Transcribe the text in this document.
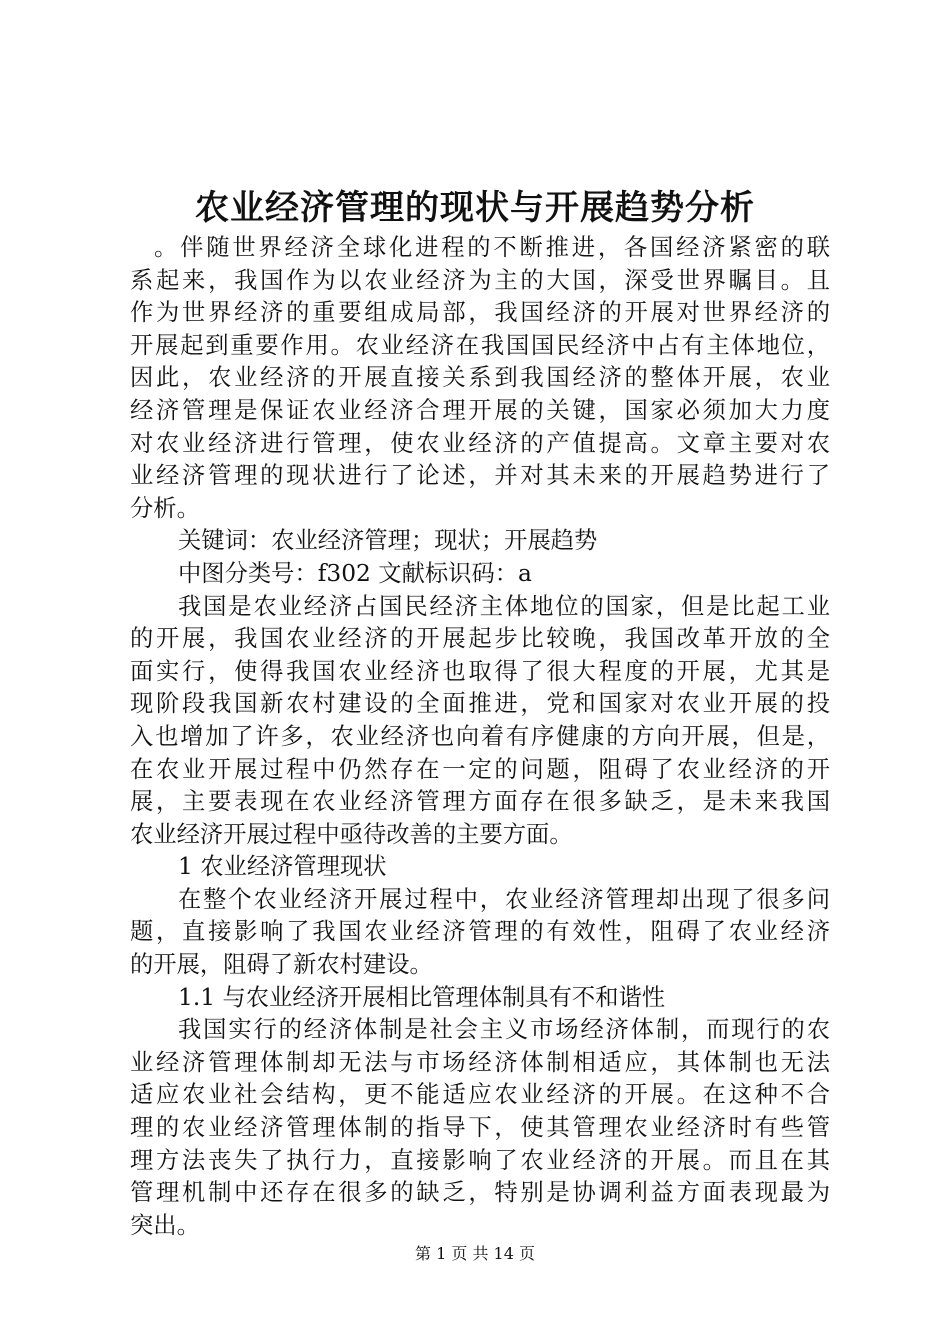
农业经济管理的现状与开展趋势分析
。伴随世界经济全球化进程的不断推进，各国经济紧密的联
系起来，我国作为以农业经济为主的大国，深受世界瞩目。且
作为世界经济的重要组成局部，我国经济的开展对世界经济的
开展起到重要作用。农业经济在我国国民经济中占有主体地位，
因此，农业经济的开展直接关系到我国经济的整体开展，农业
经济管理是保证农业经济合理开展的关键，国家必须加大力度
对农业经济进行管理，使农业经济的产值提高。文章主要对农
业经济管理的现状进行了论述，并对其未来的开展趋势进行了
分析。
关键词：农业经济管理；现状；开展趋势
中图分类号：f302 文献标识码：a
我国是农业经济占国民经济主体地位的国家，但是比起工业
的开展，我国农业经济的开展起步比较晚，我国改革开放的全
面实行，使得我国农业经济也取得了很大程度的开展，尤其是
现阶段我国新农村建设的全面推进，党和国家对农业开展的投
入也增加了许多，农业经济也向着有序健康的方向开展，但是，
在农业开展过程中仍然存在一定的问题，阻碍了农业经济的开
展，主要表现在农业经济管理方面存在很多缺乏，是未来我国
农业经济开展过程中亟待改善的主要方面。
1 农业经济管理现状
在整个农业经济开展过程中，农业经济管理却出现了很多问
题，直接影响了我国农业经济管理的有效性，阻碍了农业经济
的开展，阻碍了新农村建设。
1.1 与农业经济开展相比管理体制具有不和谐性
我国实行的经济体制是社会主义市场经济体制，而现行的农
业经济管理体制却无法与市场经济体制相适应，其体制也无法
适应农业社会结构，更不能适应农业经济的开展。在这种不合
理的农业经济管理体制的指导下，使其管理农业经济时有些管
理方法丧失了执行力，直接影响了农业经济的开展。而且在其
管理机制中还存在很多的缺乏，特别是协调利益方面表现最为
突出。
第 1 页 共 14 页
